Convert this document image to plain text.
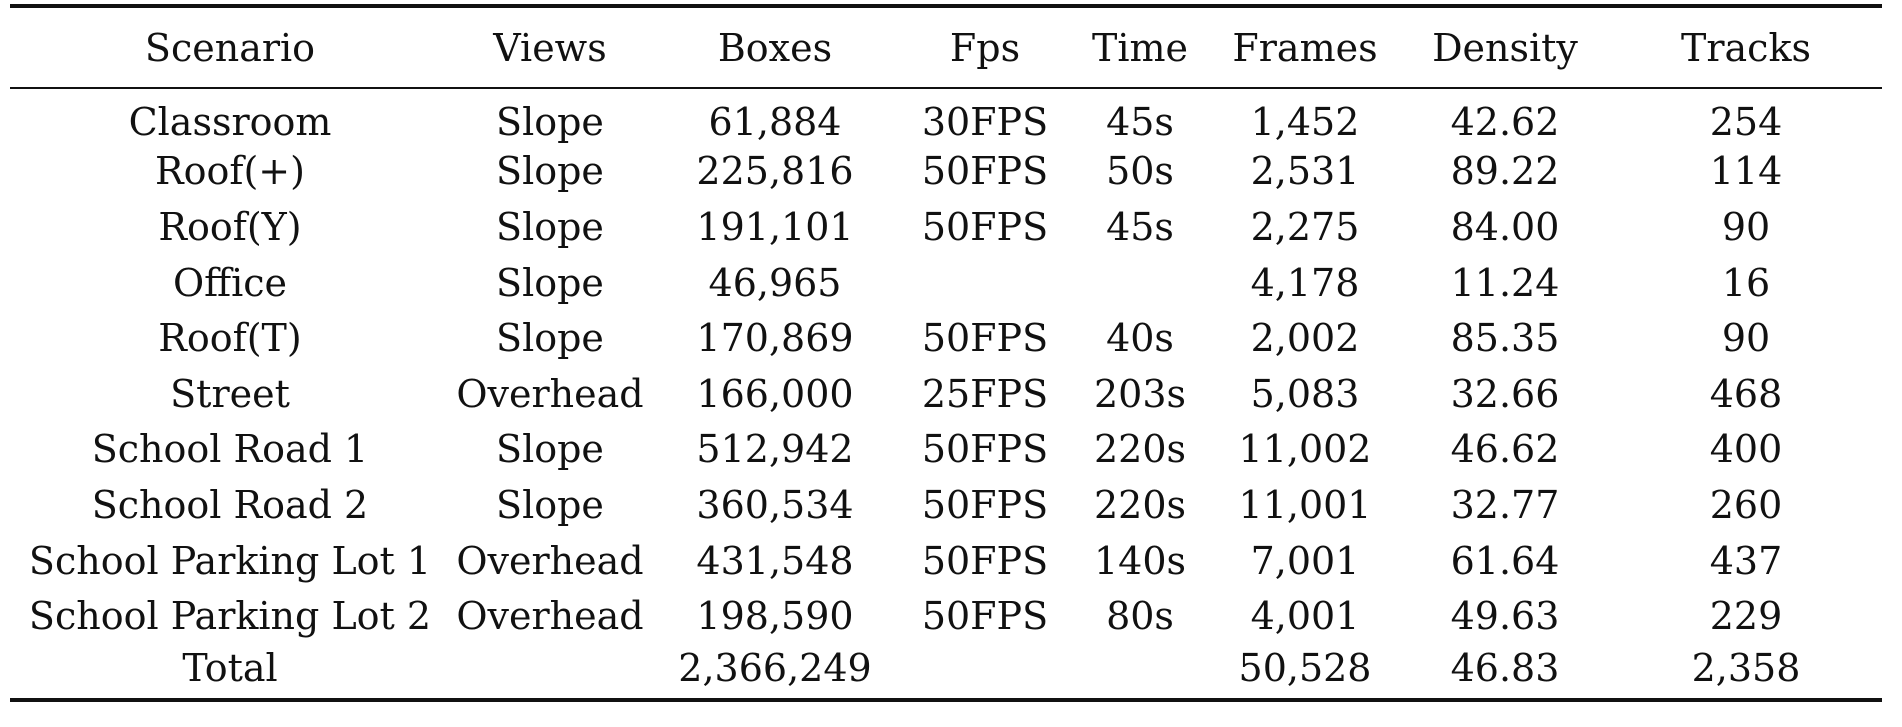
Scenario	Views	Boxes	Fps	Time	Frames	Density	Tracks
Classroom	Slope	61,884	30FPS	45s	1,452	42.62	254
Roof(+)	Slope	225,816	50FPS	50s	2,531	89.22	114
Roof(Y)	Slope	191,101	50FPS	45s	2,275	84.00	90
Office	Slope	46,965			4,178	11.24	16
Roof(T)	Slope	170,869	50FPS	40s	2,002	85.35	90
Street	Overhead	166,000	25FPS	203s	5,083	32.66	468
School Road 1	Slope	512,942	50FPS	220s	11,002	46.62	400
School Road 2	Slope	360,534	50FPS	220s	11,001	32.77	260
School Parking Lot 1	Overhead	431,548	50FPS	140s	7,001	61.64	437
School Parking Lot 2	Overhead	198,590	50FPS	80s	4,001	49.63	229
Total		2,366,249			50,528	46.83	2,358
